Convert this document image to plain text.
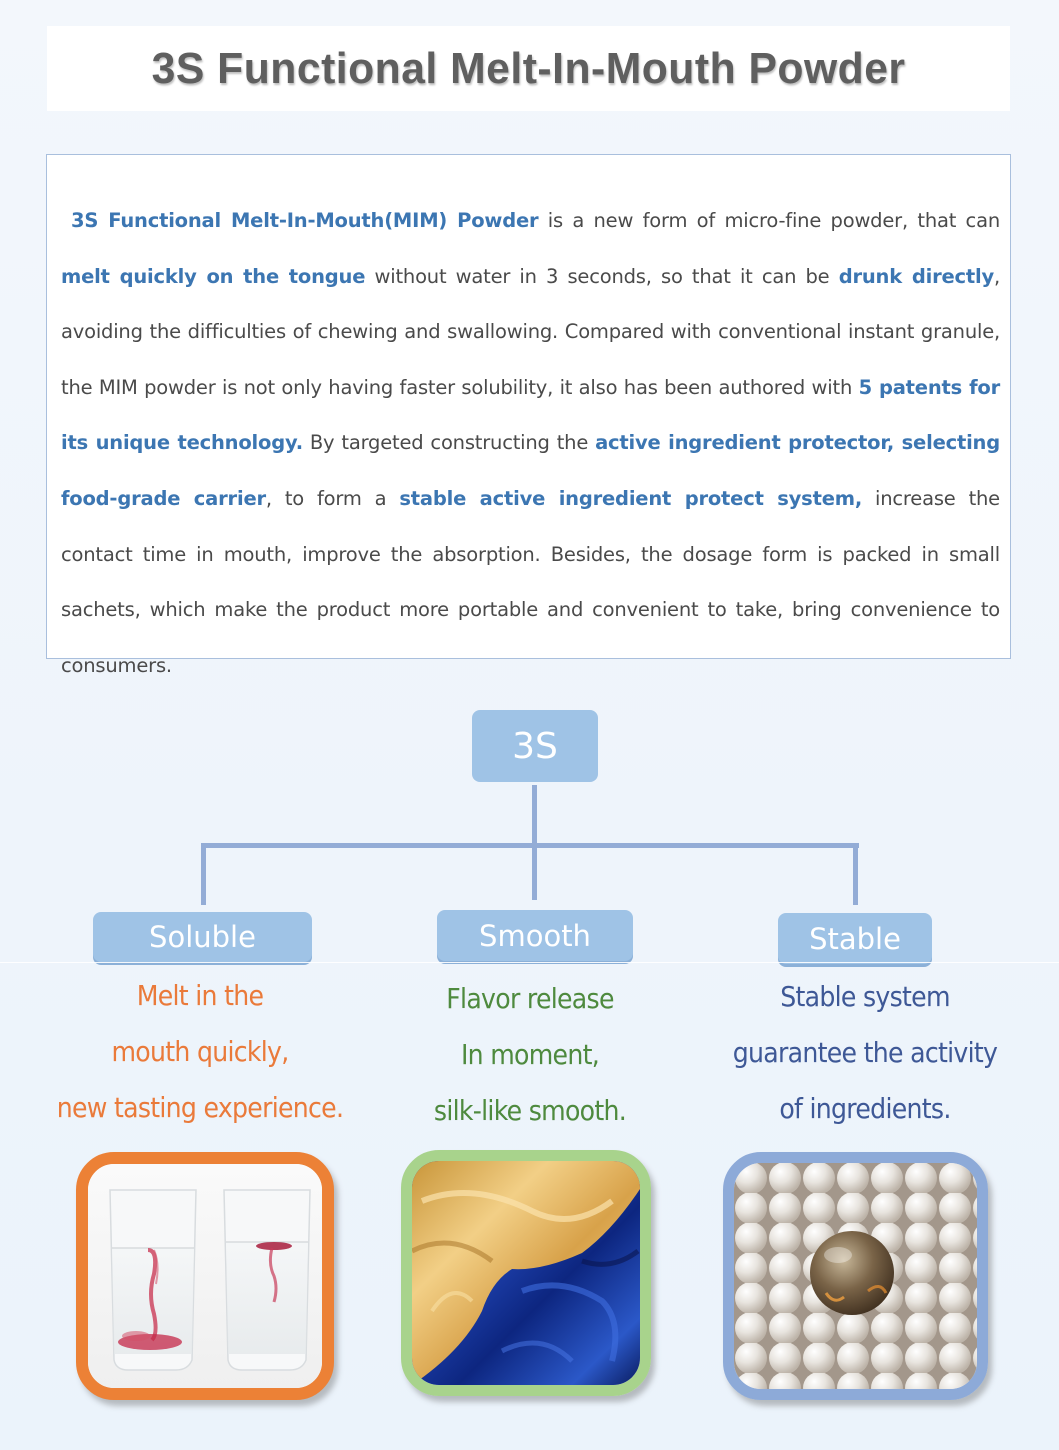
3S Functional Melt-In-Mouth Powder

3S Functional Melt-In-Mouth(MIM) Powder is a new form of micro-fine powder, that can melt quickly on the tongue without water in 3 seconds, so that it can be drunk directly, avoiding the difficulties of chewing and swallowing. Compared with conventional instant granule, the MIM powder is not only having faster solubility, it also has been authored with 5 patents for its unique technology. By targeted constructing the active ingredient protector, selecting food-grade carrier, to form a stable active ingredient protect system, increase the contact time in mouth, improve the absorption. Besides, the dosage form is packed in small sachets, which make the product more portable and convenient to take, bring convenience to consumers.

3S
Soluble	Smooth	Stable
Melt in the
mouth quickly,
new tasting experience.
Flavor release
In moment,
silk-like smooth.
Stable system
guarantee the activity
of ingredients.
